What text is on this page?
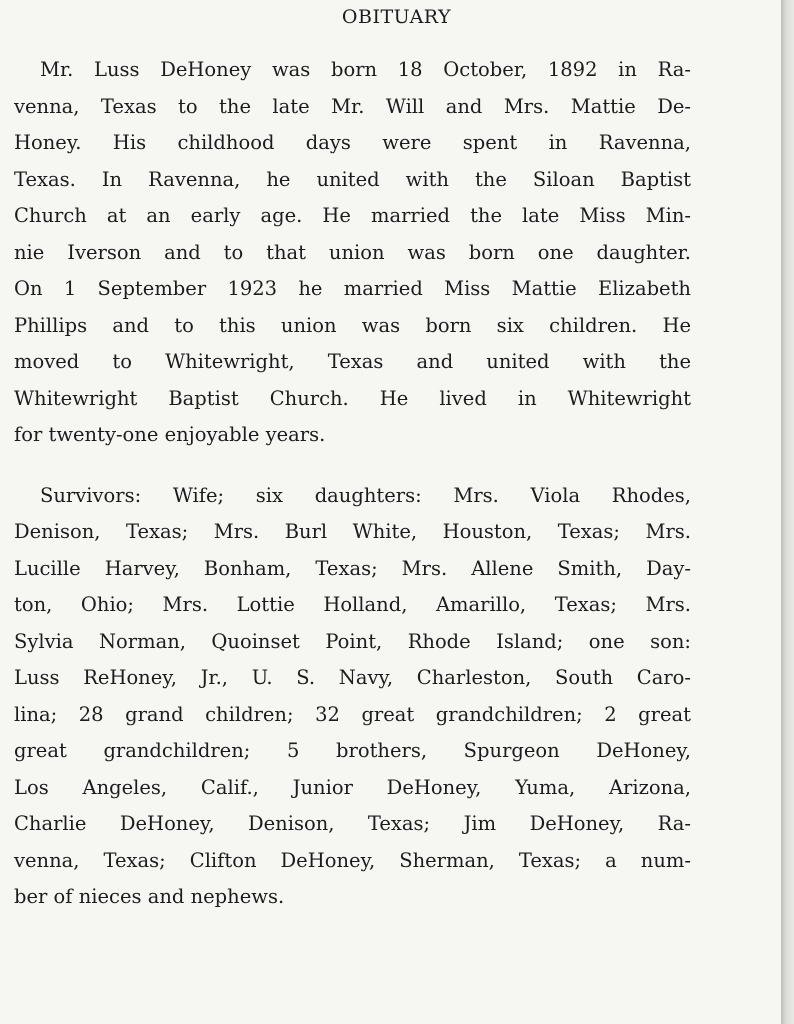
OBITUARY
Mr. Luss DeHoney was born 18 October, 1892 in Ra-
venna, Texas to the late Mr. Will and Mrs. Mattie De-
Honey. His childhood days were spent in Ravenna,
Texas. In Ravenna, he united with the Siloan Baptist
Church at an early age. He married the late Miss Min-
nie Iverson and to that union was born one daughter.
On 1 September 1923 he married Miss Mattie Elizabeth
Phillips and to this union was born six children. He
moved to Whitewright, Texas and united with the
Whitewright Baptist Church. He lived in Whitewright
for twenty-one enjoyable years.
Survivors: Wife; six daughters: Mrs. Viola Rhodes,
Denison, Texas; Mrs. Burl White, Houston, Texas; Mrs.
Lucille Harvey, Bonham, Texas; Mrs. Allene Smith, Day-
ton, Ohio; Mrs. Lottie Holland, Amarillo, Texas; Mrs.
Sylvia Norman, Quoinset Point, Rhode Island; one son:
Luss ReHoney, Jr., U. S. Navy, Charleston, South Caro-
lina; 28 grand children; 32 great grandchildren; 2 great
great grandchildren; 5 brothers, Spurgeon DeHoney,
Los Angeles, Calif., Junior DeHoney, Yuma, Arizona,
Charlie DeHoney, Denison, Texas; Jim DeHoney, Ra-
venna, Texas; Clifton DeHoney, Sherman, Texas; a num-
ber of nieces and nephews.
